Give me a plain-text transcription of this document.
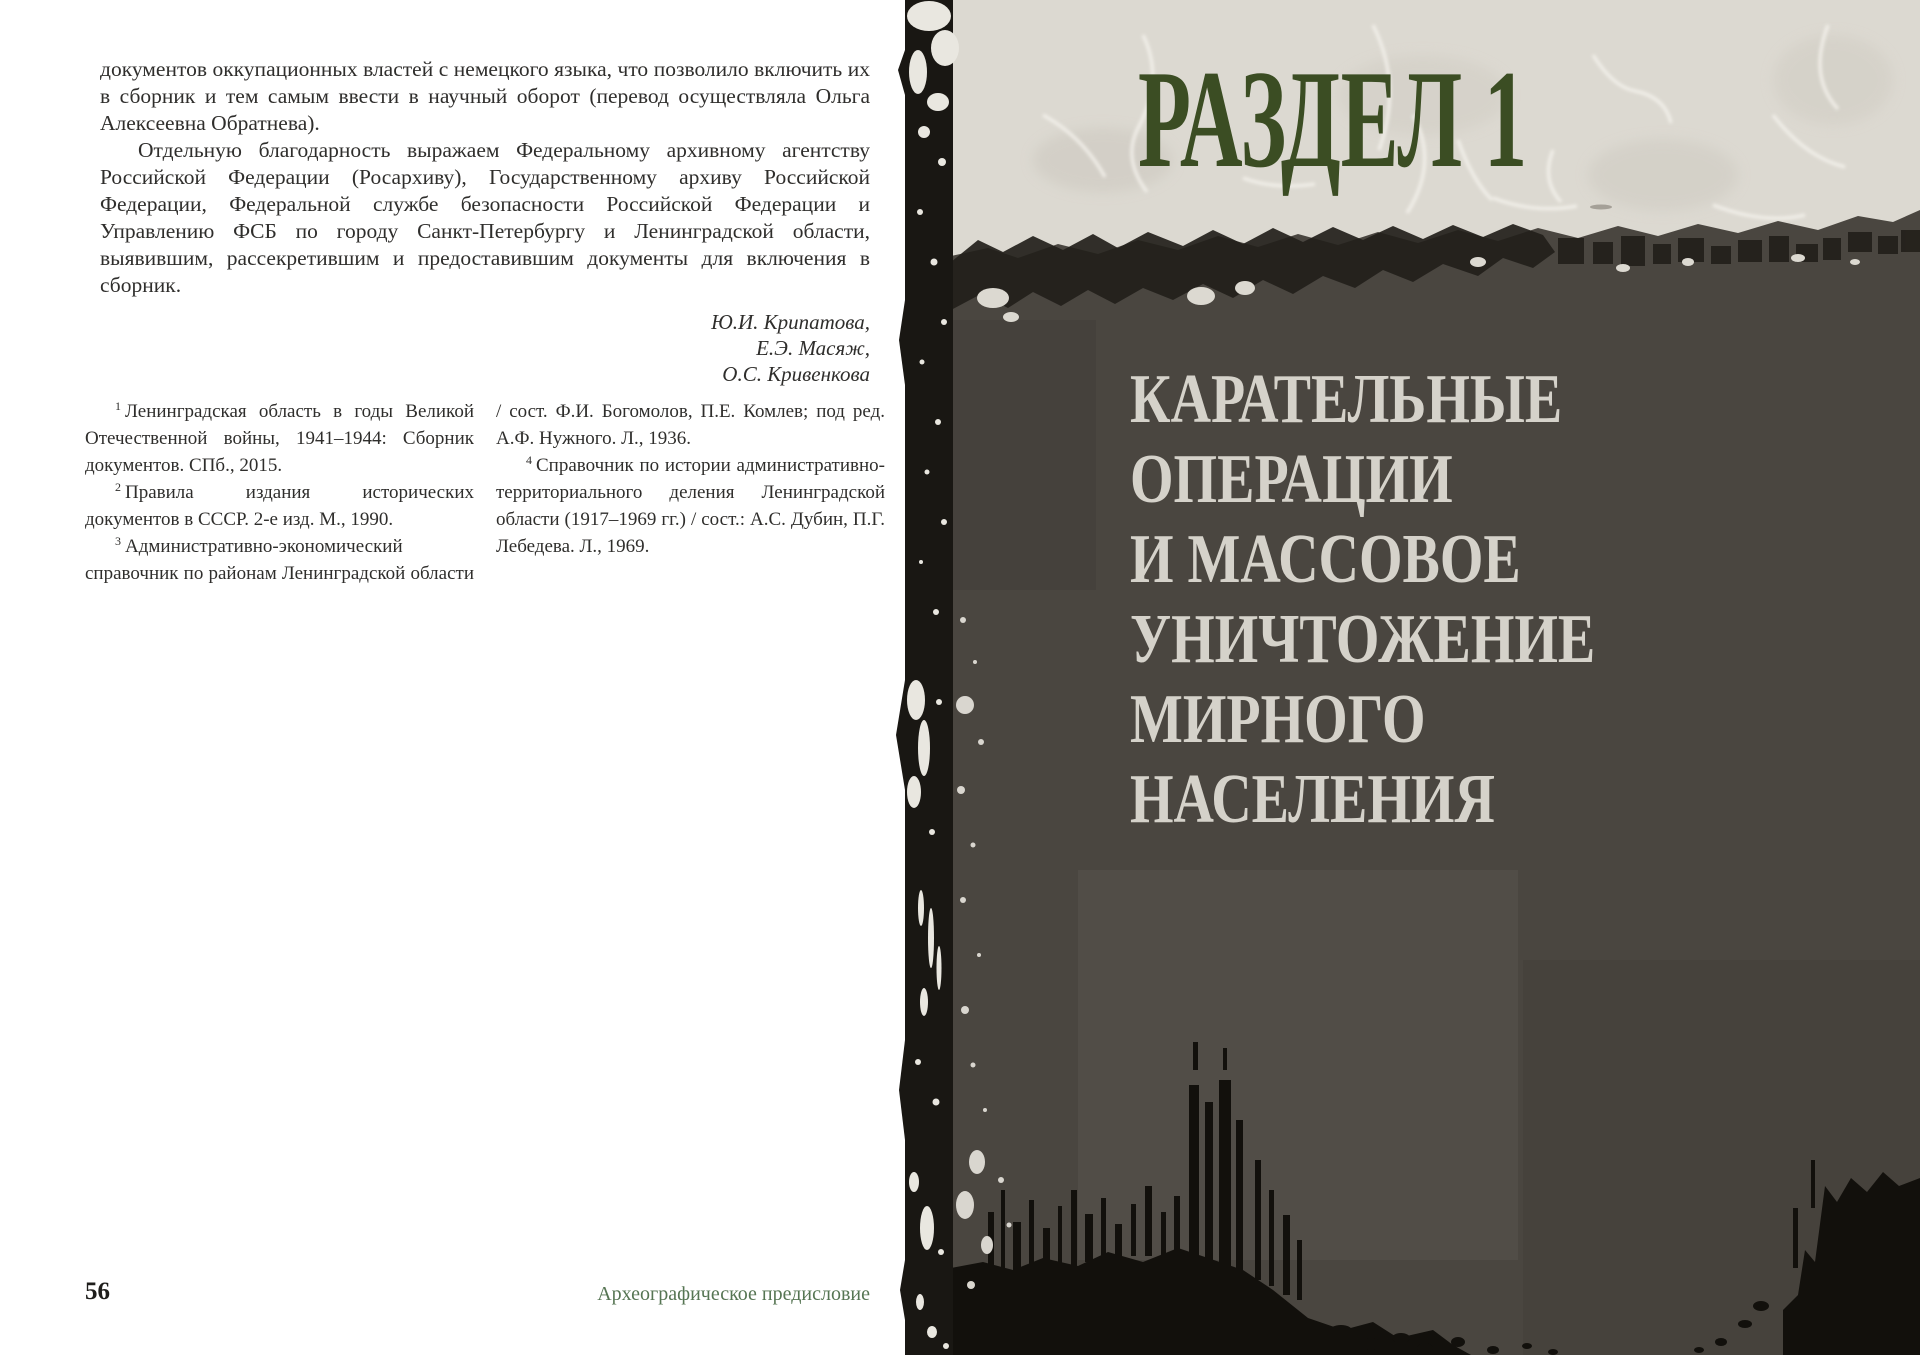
документов оккупационных властей с немецкого языка, что позволило включить их в сборник и тем самым ввести в научный оборот (перевод осуществляла Ольга Алексеевна Обратнева).

Отдельную благодарность выражаем Федеральному архивному агентству Российской Федерации (Росархиву), Государственному архиву Российской Федерации, Федеральной службе безопасности Российской Федерации и Управлению ФСБ по городу Санкт-Петербургу и Ленинградской области, выявившим, рассекретившим и предоставившим документы для включения в сборник.

Ю.И. Крипатова,
Е.Э. Масяж,
О.С. Кривенкова

$^1$ Ленинградская область в годы Великой Отечественной войны, 1941–1944: Сборник документов. СПб., 2015.

$^2$ Правила издания исторических документов в СССР. 2-е изд. М., 1990.

$^3$ Административно-экономический справочник по районам Ленинградской области / сост. Ф.И. Богомолов, П.Е. Комлев; под ред. А.Ф. Нужного. Л., 1936.

$^4$ Справочник по истории административно-территориального деления Ленинградской области (1917–1969 гг.) / сост.: А.С. Дубин, П.Г. Лебедева. Л., 1969.

56	Археографическое предисловие
РАЗДЕЛ 1
КАРАТЕЛЬНЫЕ
ОПЕРАЦИИ
И МАССОВОЕ
УНИЧТОЖЕНИЕ
МИРНОГО
НАСЕЛЕНИЯ
